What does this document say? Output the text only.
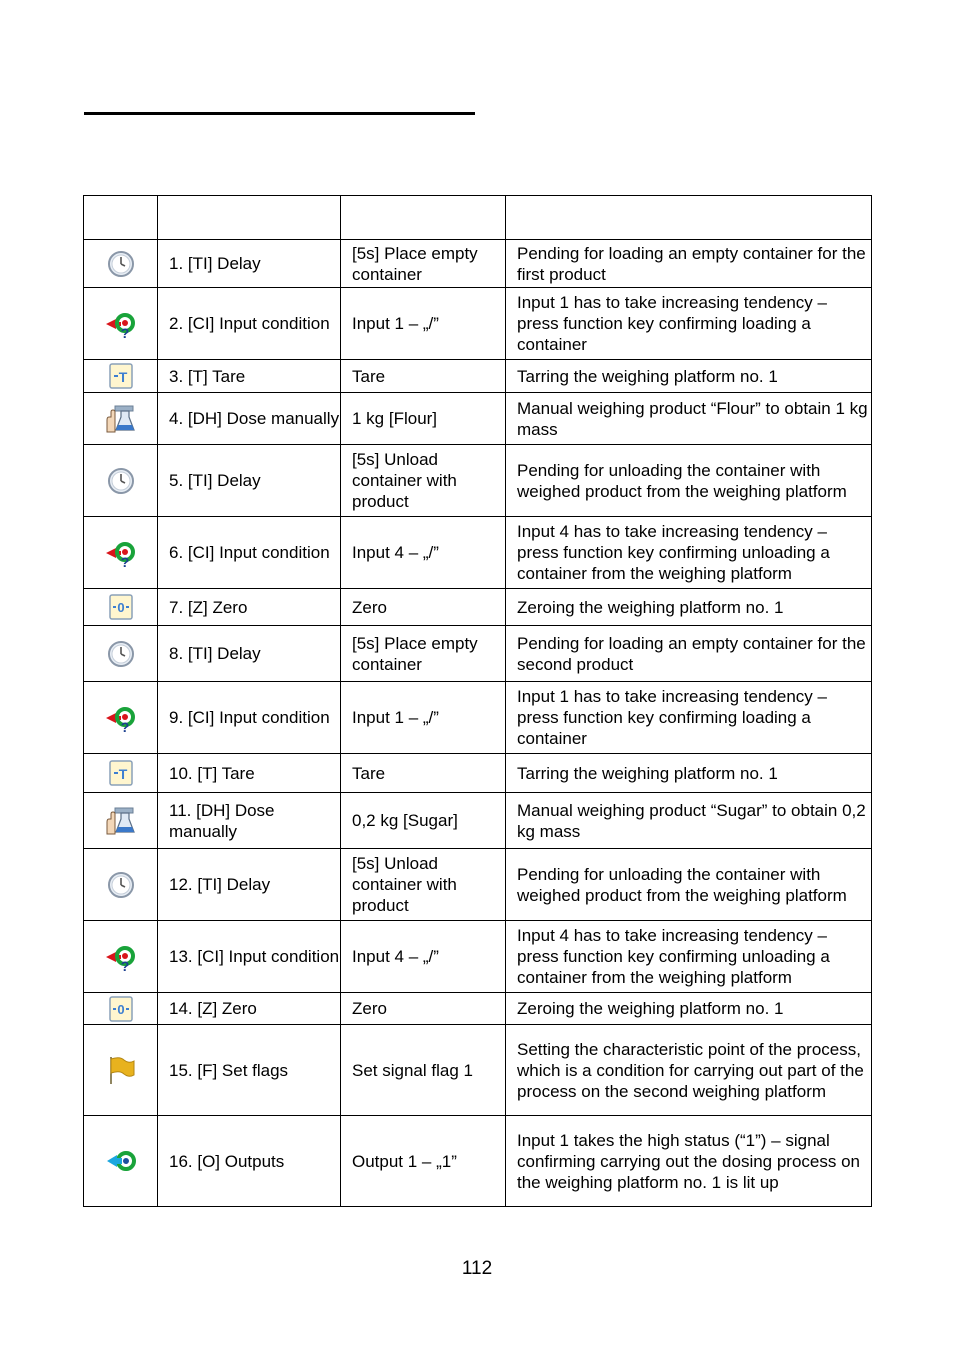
	1. [TI] Delay	[5s] Place empty container	Pending for loading an empty container for the first product

?	2. [CI] Input condition	Input 1 – „/”	Input 1 has to take increasing tendency – press function key confirming loading a container

T	3. [T] Tare	Tare	Tarring the weighing platform no. 1

	4. [DH] Dose manually	1 kg [Flour]	Manual weighing product “Flour” to obtain 1 kg mass

	5. [TI] Delay	[5s] Unload container with product	Pending for unloading the container with weighed product from the weighing platform

?	6. [CI] Input condition	Input 4 – „/”	Input 4 has to take increasing tendency – press function key confirming unloading a container from the weighing platform

0	7. [Z] Zero	Zero	Zeroing the weighing platform no. 1

	8. [TI] Delay	[5s] Place empty container	Pending for loading an empty container for the second product

?	9. [CI] Input condition	Input 1 – „/”	Input 1 has to take increasing tendency – press function key confirming loading a container

T	10. [T] Tare	Tare	Tarring the weighing platform no. 1

	11. [DH] Dose manually	0,2 kg [Sugar]	Manual weighing product “Sugar” to obtain 0,2 kg mass

	12. [TI] Delay	[5s] Unload container with product	Pending for unloading the container with weighed product from the weighing platform

?	13. [CI] Input condition	Input 4 – „/”	Input 4 has to take increasing tendency – press function key confirming unloading a container from the weighing platform

0	14. [Z] Zero	Zero	Zeroing the weighing platform no. 1

	15. [F] Set flags	Set signal flag 1	Setting the characteristic point of the process, which is a condition for carrying out part of the process on the second weighing platform

	16. [O] Outputs	Output 1 – „1”	Input 1 takes the high status (“1”) – signal confirming carrying out the dosing process on the weighing platform no. 1 is lit up
112
